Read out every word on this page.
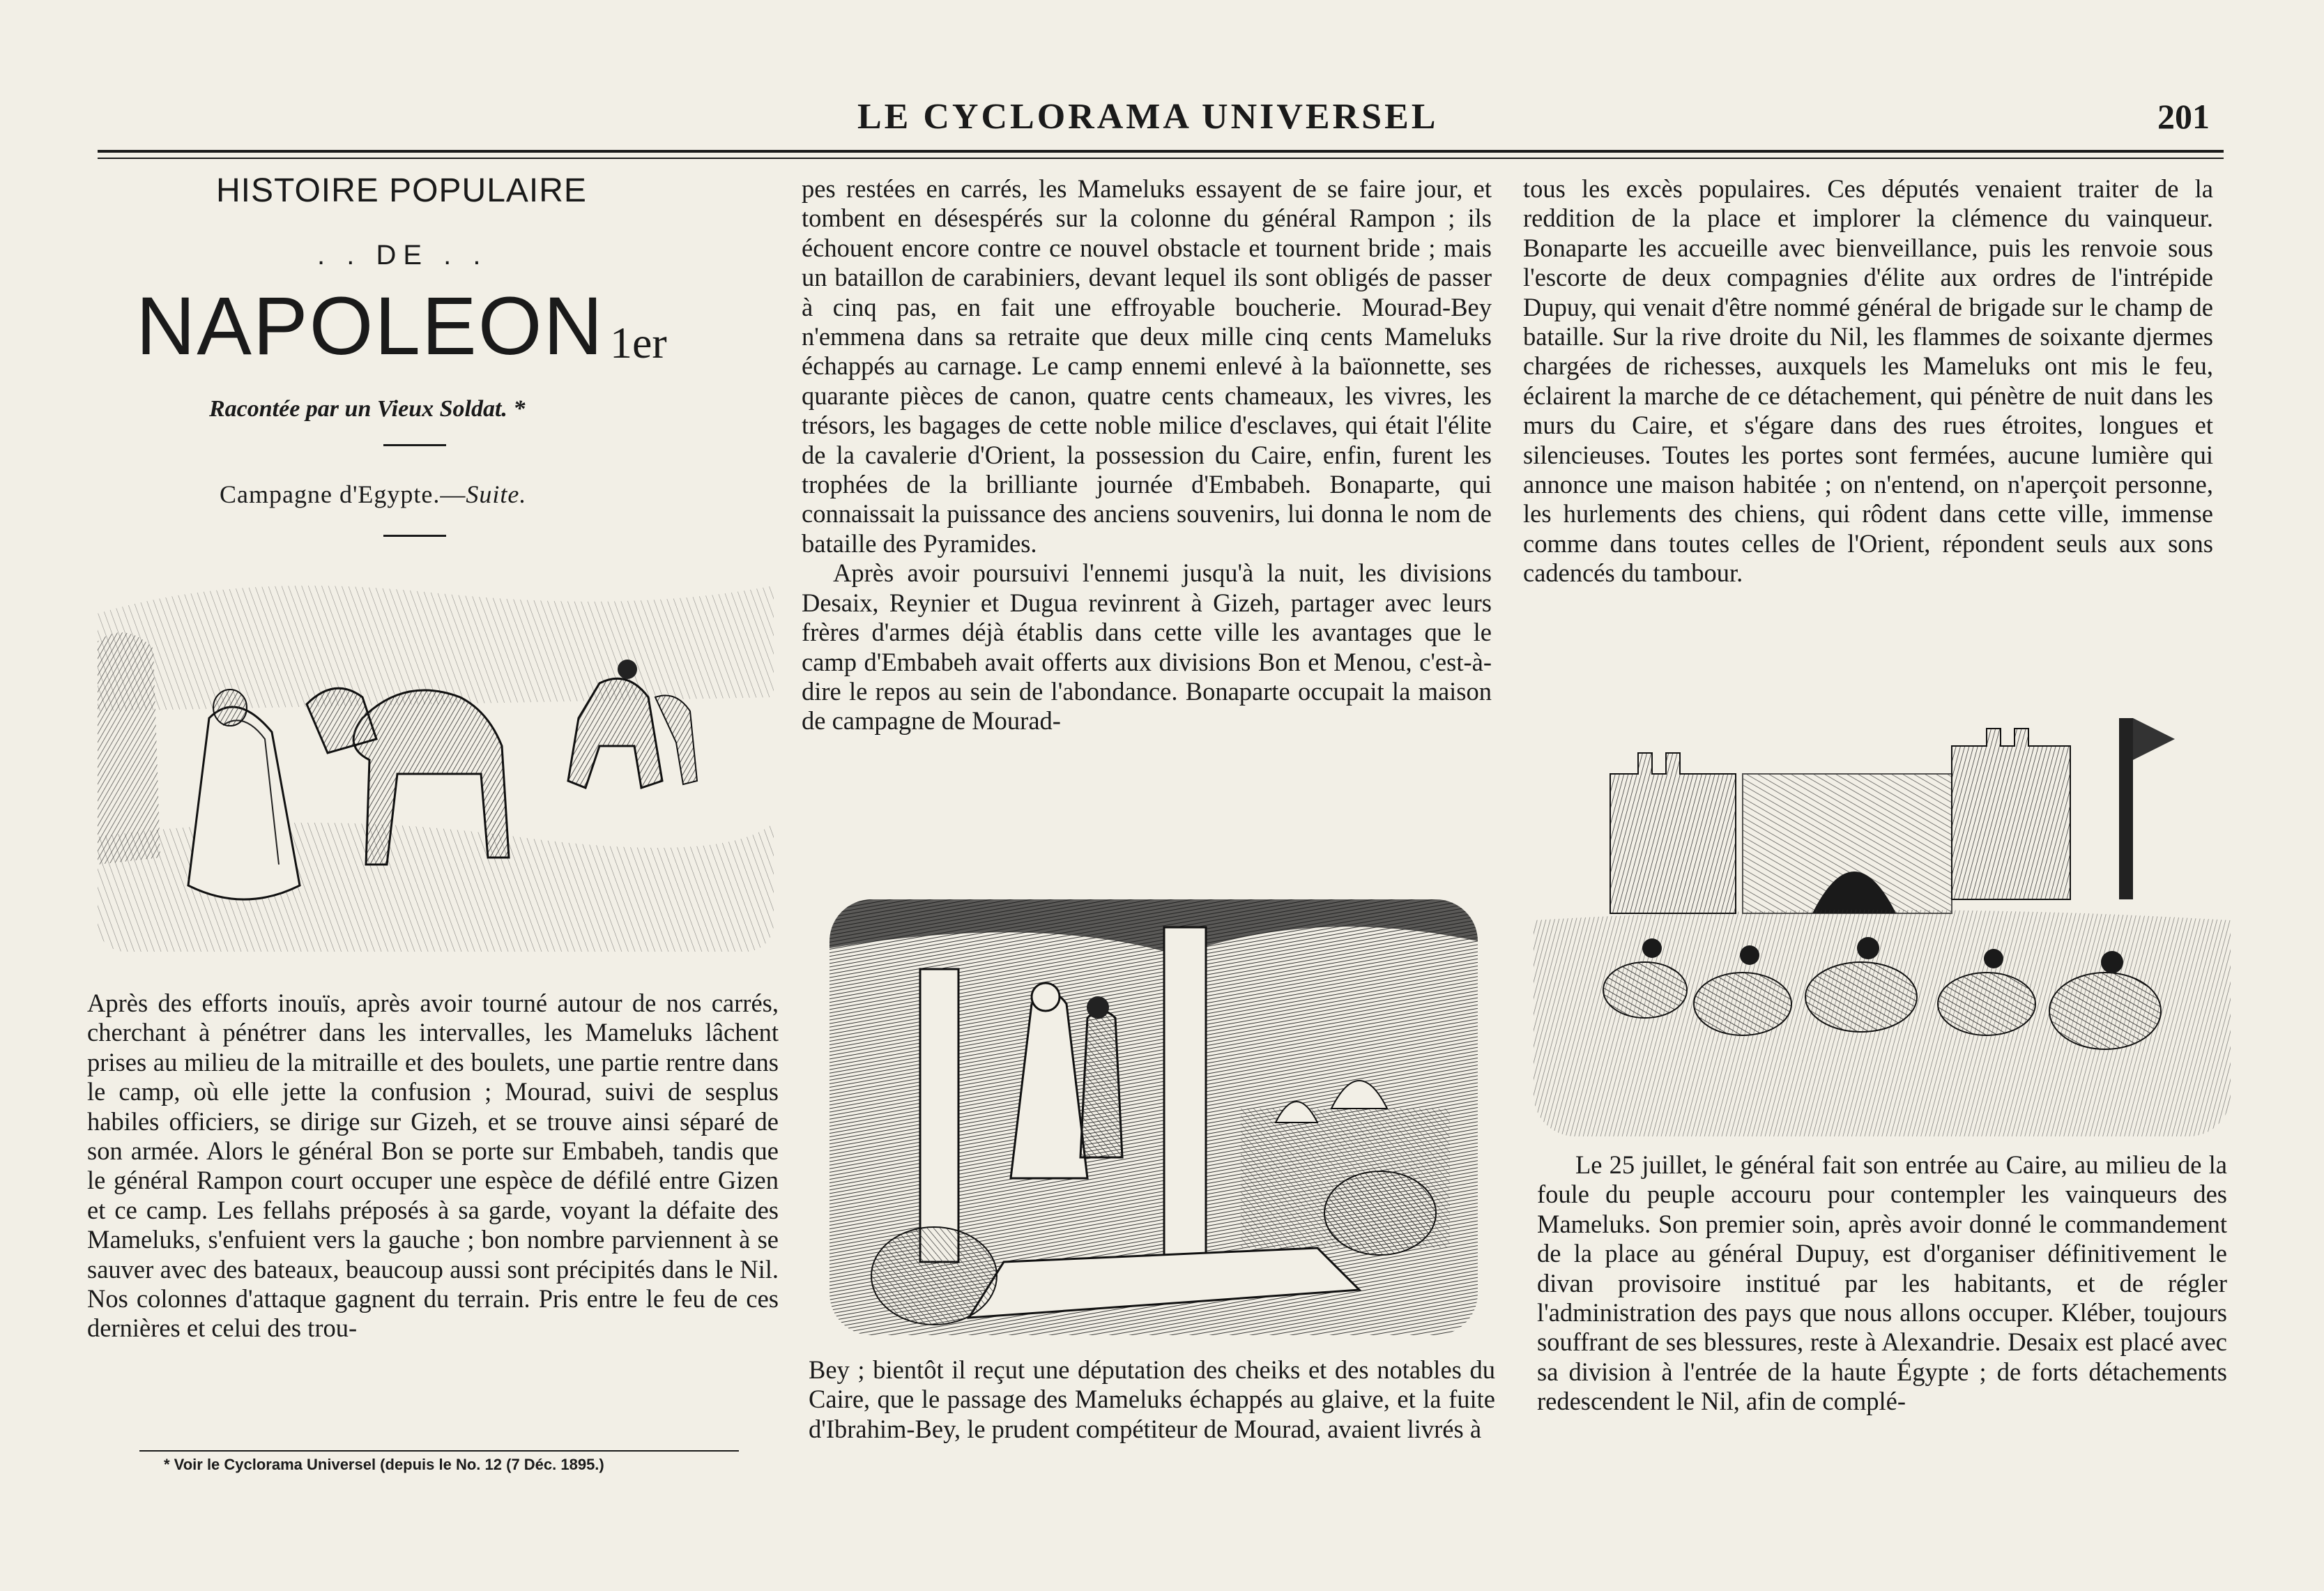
LE CYCLORAMA UNIVERSEL	201
HISTOIRE POPULAIRE
. . DE . .
NAPOLEON 1er
Racontée par un Vieux Soldat. *
Campagne d'Egypte.—Suite.

Après des efforts inouïs, après avoir tourné autour de nos carrés, cherchant à pénétrer dans les intervalles, les Mameluks lâchent prises au milieu de la mitraille et des boulets, une partie rentre dans le camp, où elle jette la confusion ; Mourad, suivi de sesplus habiles officiers, se dirige sur Gizeh, et se trouve ainsi séparé de son armée. Alors le général Bon se porte sur Embabeh, tandis que le général Rampon court occuper une espèce de défilé entre Gizen et ce camp. Les fellahs préposés à sa garde, voyant la défaite des Mameluks, s'enfuient vers la gauche ; bon nombre parviennent à se sauver avec des bateaux, beaucoup aussi sont précipités dans le Nil. Nos colonnes d'attaque gagnent du terrain. Pris entre le feu de ces dernières et celui des trou-

* Voir le Cyclorama Universel (depuis le No. 12 (7 Déc. 1895.)

pes restées en carrés, les Mameluks essayent de se faire jour, et tombent en désespérés sur la colonne du général Rampon ; ils échouent encore contre ce nouvel obstacle et tournent bride ; mais un bataillon de carabiniers, devant lequel ils sont obligés de passer à cinq pas, en fait une effroyable boucherie. Mourad-Bey n'emmena dans sa retraite que deux mille cinq cents Mameluks échappés au carnage. Le camp ennemi enlevé à la baïonnette, ses quarante pièces de canon, quatre cents chameaux, les vivres, les trésors, les bagages de cette noble milice d'esclaves, qui était l'élite de la cavalerie d'Orient, la possession du Caire, enfin, furent les trophées de la brilliante journée d'Embabeh. Bonaparte, qui connaissait la puissance des anciens souvenirs, lui donna le nom de bataille des Pyramides.

Après avoir poursuivi l'ennemi jusqu'à la nuit, les divisions Desaix, Reynier et Dugua revinrent à Gizeh, partager avec leurs frères d'armes déjà établis dans cette ville les avantages que le camp d'Embabeh avait offerts aux divisions Bon et Menou, c'est-à-dire le repos au sein de l'abondance. Bonaparte occupait la maison de campagne de Mourad-

Bey ; bientôt il reçut une députation des cheiks et des notables du Caire, que le passage des Mameluks échappés au glaive, et la fuite d'Ibrahim-Bey, le prudent compétiteur de Mourad, avaient livrés à

tous les excès populaires. Ces députés venaient traiter de la reddition de la place et implorer la clémence du vainqueur. Bonaparte les accueille avec bienveillance, puis les renvoie sous l'escorte de deux compagnies d'élite aux ordres de l'intrépide Dupuy, qui venait d'être nommé général de brigade sur le champ de bataille. Sur la rive droite du Nil, les flammes de soixante djermes chargées de richesses, auxquels les Mameluks ont mis le feu, éclairent la marche de ce détachement, qui pénètre de nuit dans les murs du Caire, et s'égare dans des rues étroites, longues et silencieuses. Toutes les portes sont fermées, aucune lumière qui annonce une maison habitée ; on n'entend, on n'aperçoit personne, les hurlements des chiens, qui rôdent dans cette ville, immense comme dans toutes celles de l'Orient, répondent seuls aux sons cadencés du tambour.

Le 25 juillet, le général fait son entrée au Caire, au milieu de la foule du peuple accouru pour contempler les vainqueurs des Mameluks. Son premier soin, après avoir donné le commandement de la place au général Dupuy, est d'organiser définitivement le divan provisoire institué par les habitants, et de régler l'administration des pays que nous allons occuper. Kléber, toujours souffrant de ses blessures, reste à Alexandrie. Desaix est placé avec sa division à l'entrée de la haute Égypte ; de forts détachements redescendent le Nil, afin de complé-
